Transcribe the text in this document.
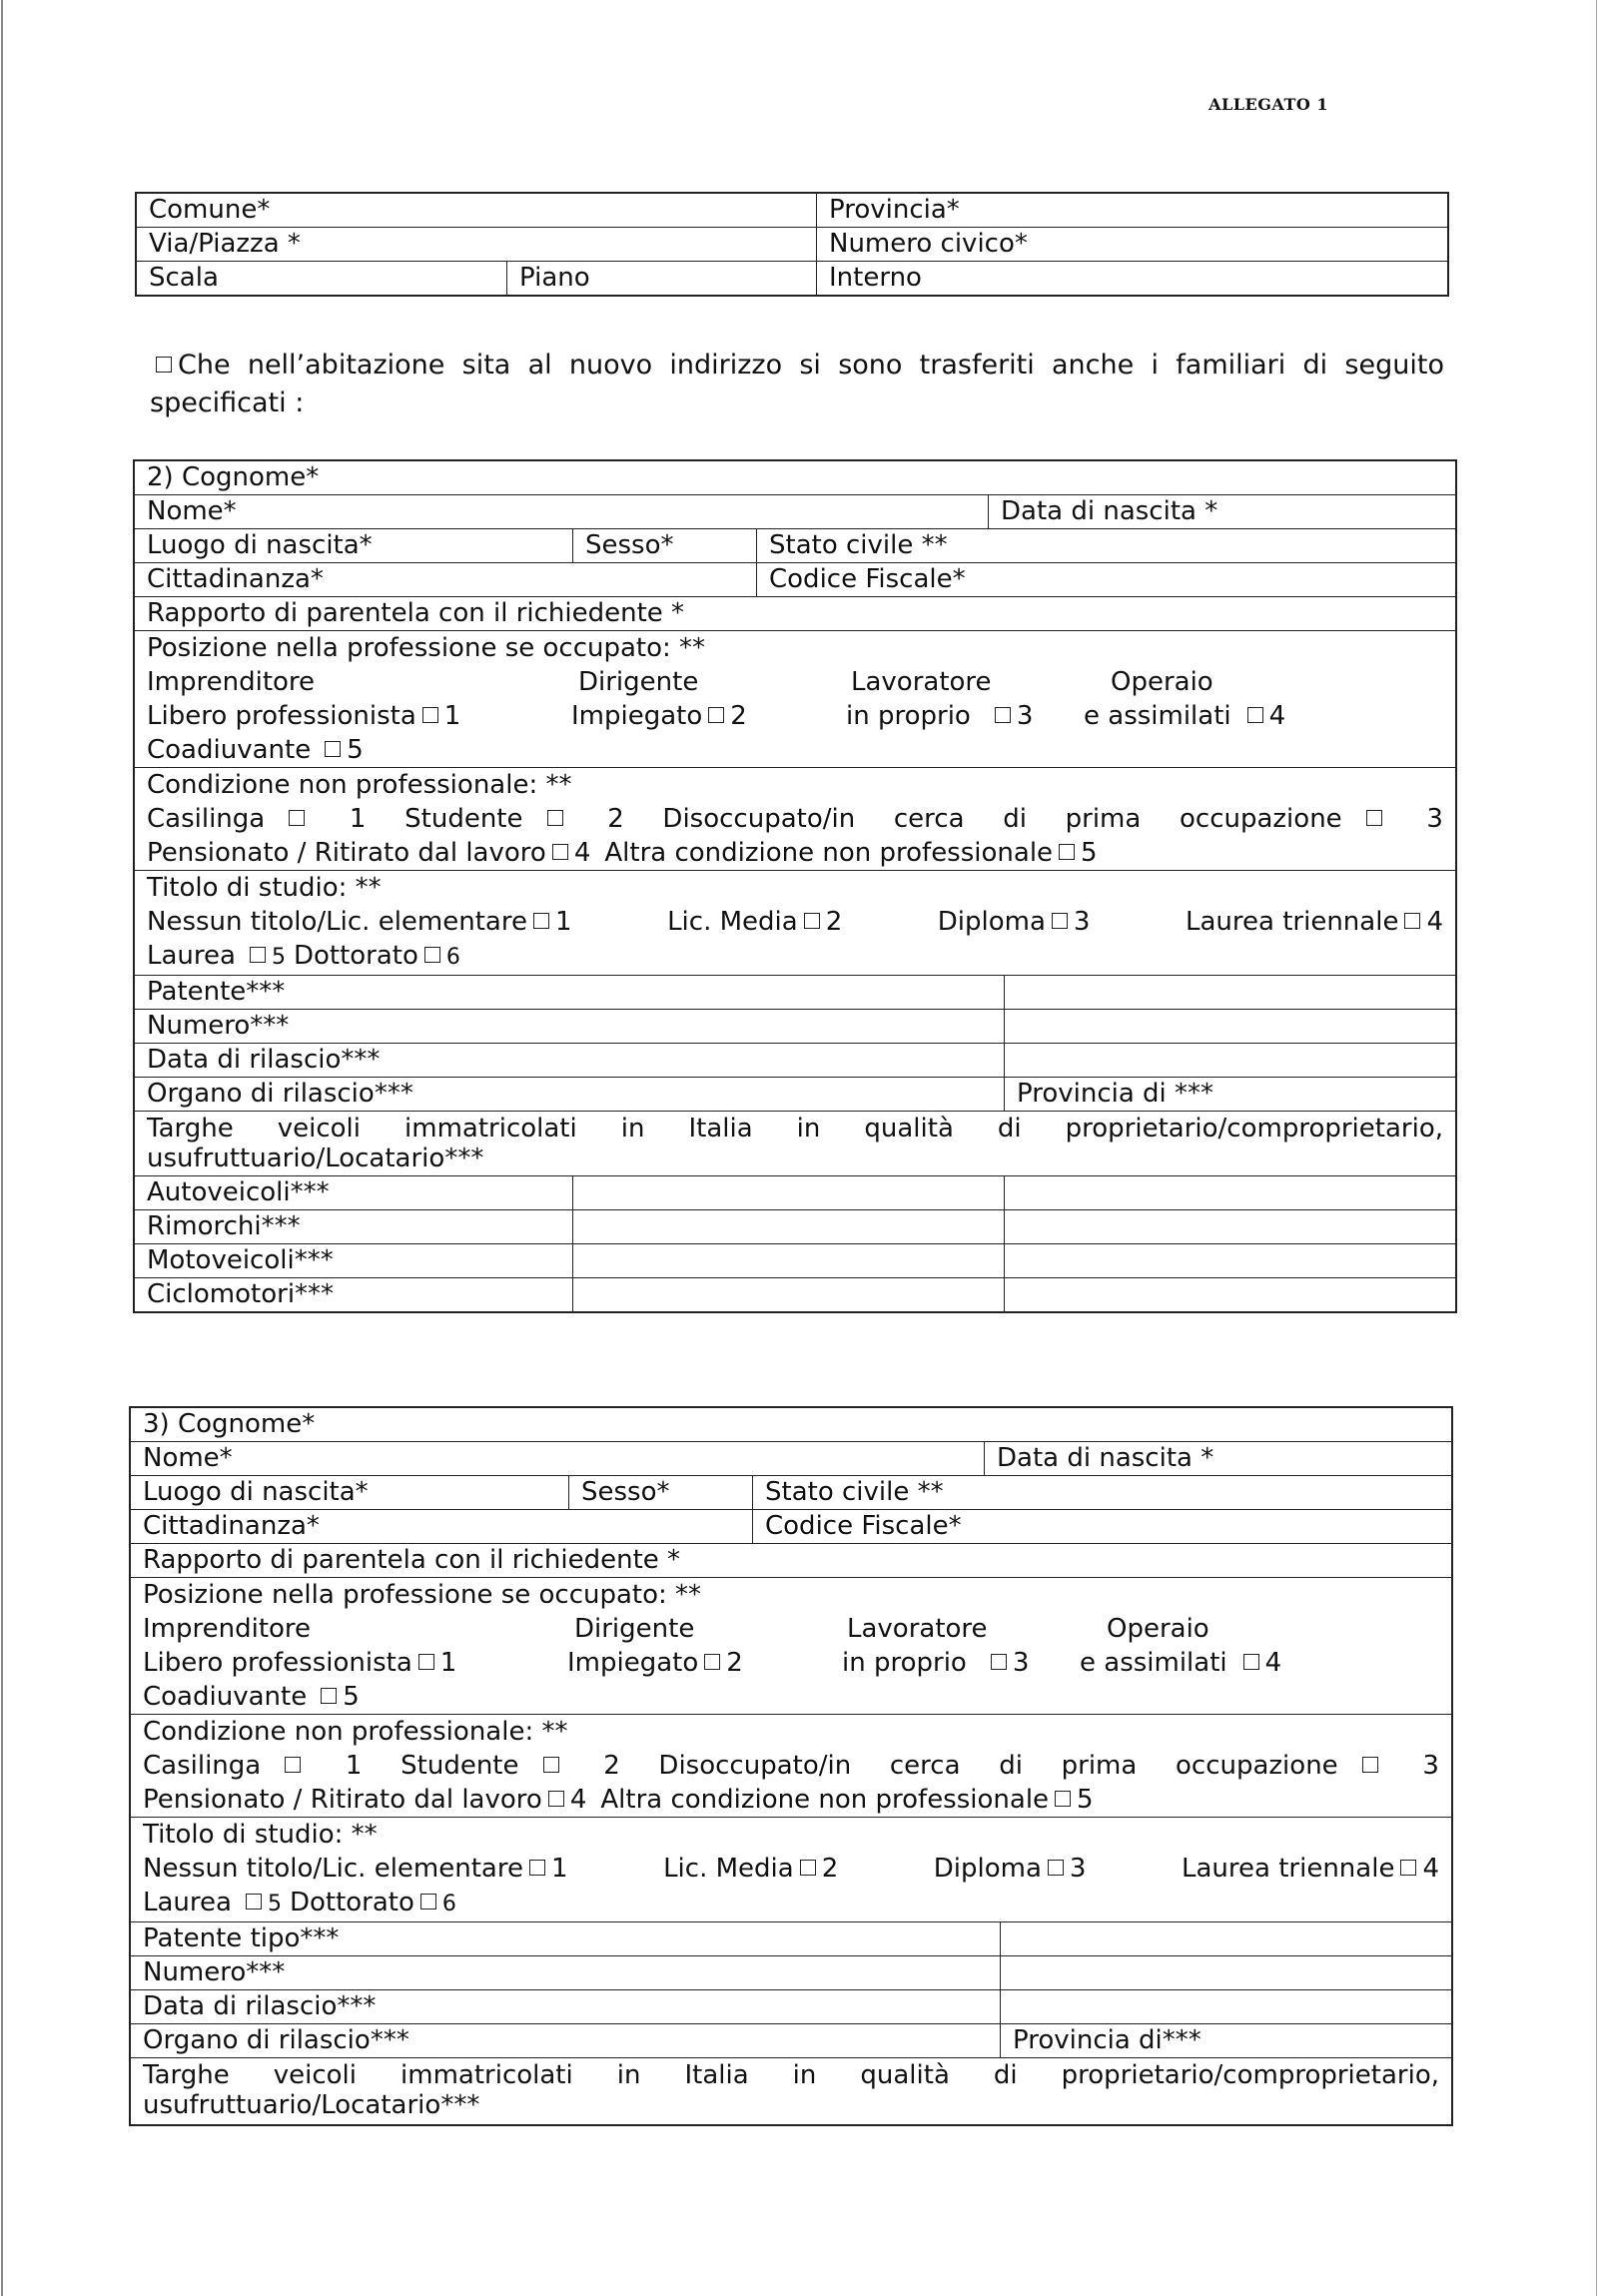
ALLEGATO 1
Comune*	Provincia*
Via/Piazza *	Numero civico*
Scala	Piano	Interno
Che nell’abitazione sita al nuovo indirizzo si sono trasferiti anche i familiari di seguito
specificati :
2) Cognome*
Nome*	Data di nascita *
Luogo di nascita*	Sesso*	Stato civile **
Cittadinanza*	Codice Fiscale*
Rapporto di parentela con il richiedente *
Posizione nella professione se occupato: **
Imprenditore	Dirigente	Lavoratore	Operaio
Libero professionista 1	Impiegato 2	in proprio 3	e assimilati 4
Coadiuvante 5
Condizione non professionale: **
Casilinga	1 Studente	2 Disoccupato/in cerca di prima occupazione	3
Pensionato / Ritirato dal lavoro 4 Altra condizione non professionale 5
Titolo di studio: **
Nessun titolo/Lic. elementare 1	Lic. Media 2	Diploma 3	Laurea triennale 4
Laurea 5 Dottorato 6
Patente***
Numero***
Data di rilascio***
Organo di rilascio***	Provincia di ***
Targhe veicoli immatricolati in Italia in qualità di proprietario/comproprietario,
usufruttuario/Locatario***
Autoveicoli***
Rimorchi***
Motoveicoli***
Ciclomotori***
3) Cognome*
Nome*	Data di nascita *
Luogo di nascita*	Sesso*	Stato civile **
Cittadinanza*	Codice Fiscale*
Rapporto di parentela con il richiedente *
Posizione nella professione se occupato: **
Imprenditore	Dirigente	Lavoratore	Operaio
Libero professionista 1	Impiegato 2	in proprio 3	e assimilati 4
Coadiuvante 5
Condizione non professionale: **
Casilinga	1 Studente	2 Disoccupato/in cerca di prima occupazione	3
Pensionato / Ritirato dal lavoro 4 Altra condizione non professionale 5
Titolo di studio: **
Nessun titolo/Lic. elementare 1	Lic. Media 2	Diploma 3	Laurea triennale 4
Laurea 5 Dottorato 6
Patente tipo***
Numero***
Data di rilascio***
Organo di rilascio***	Provincia di***
Targhe veicoli immatricolati in Italia in qualità di proprietario/comproprietario,
usufruttuario/Locatario***
